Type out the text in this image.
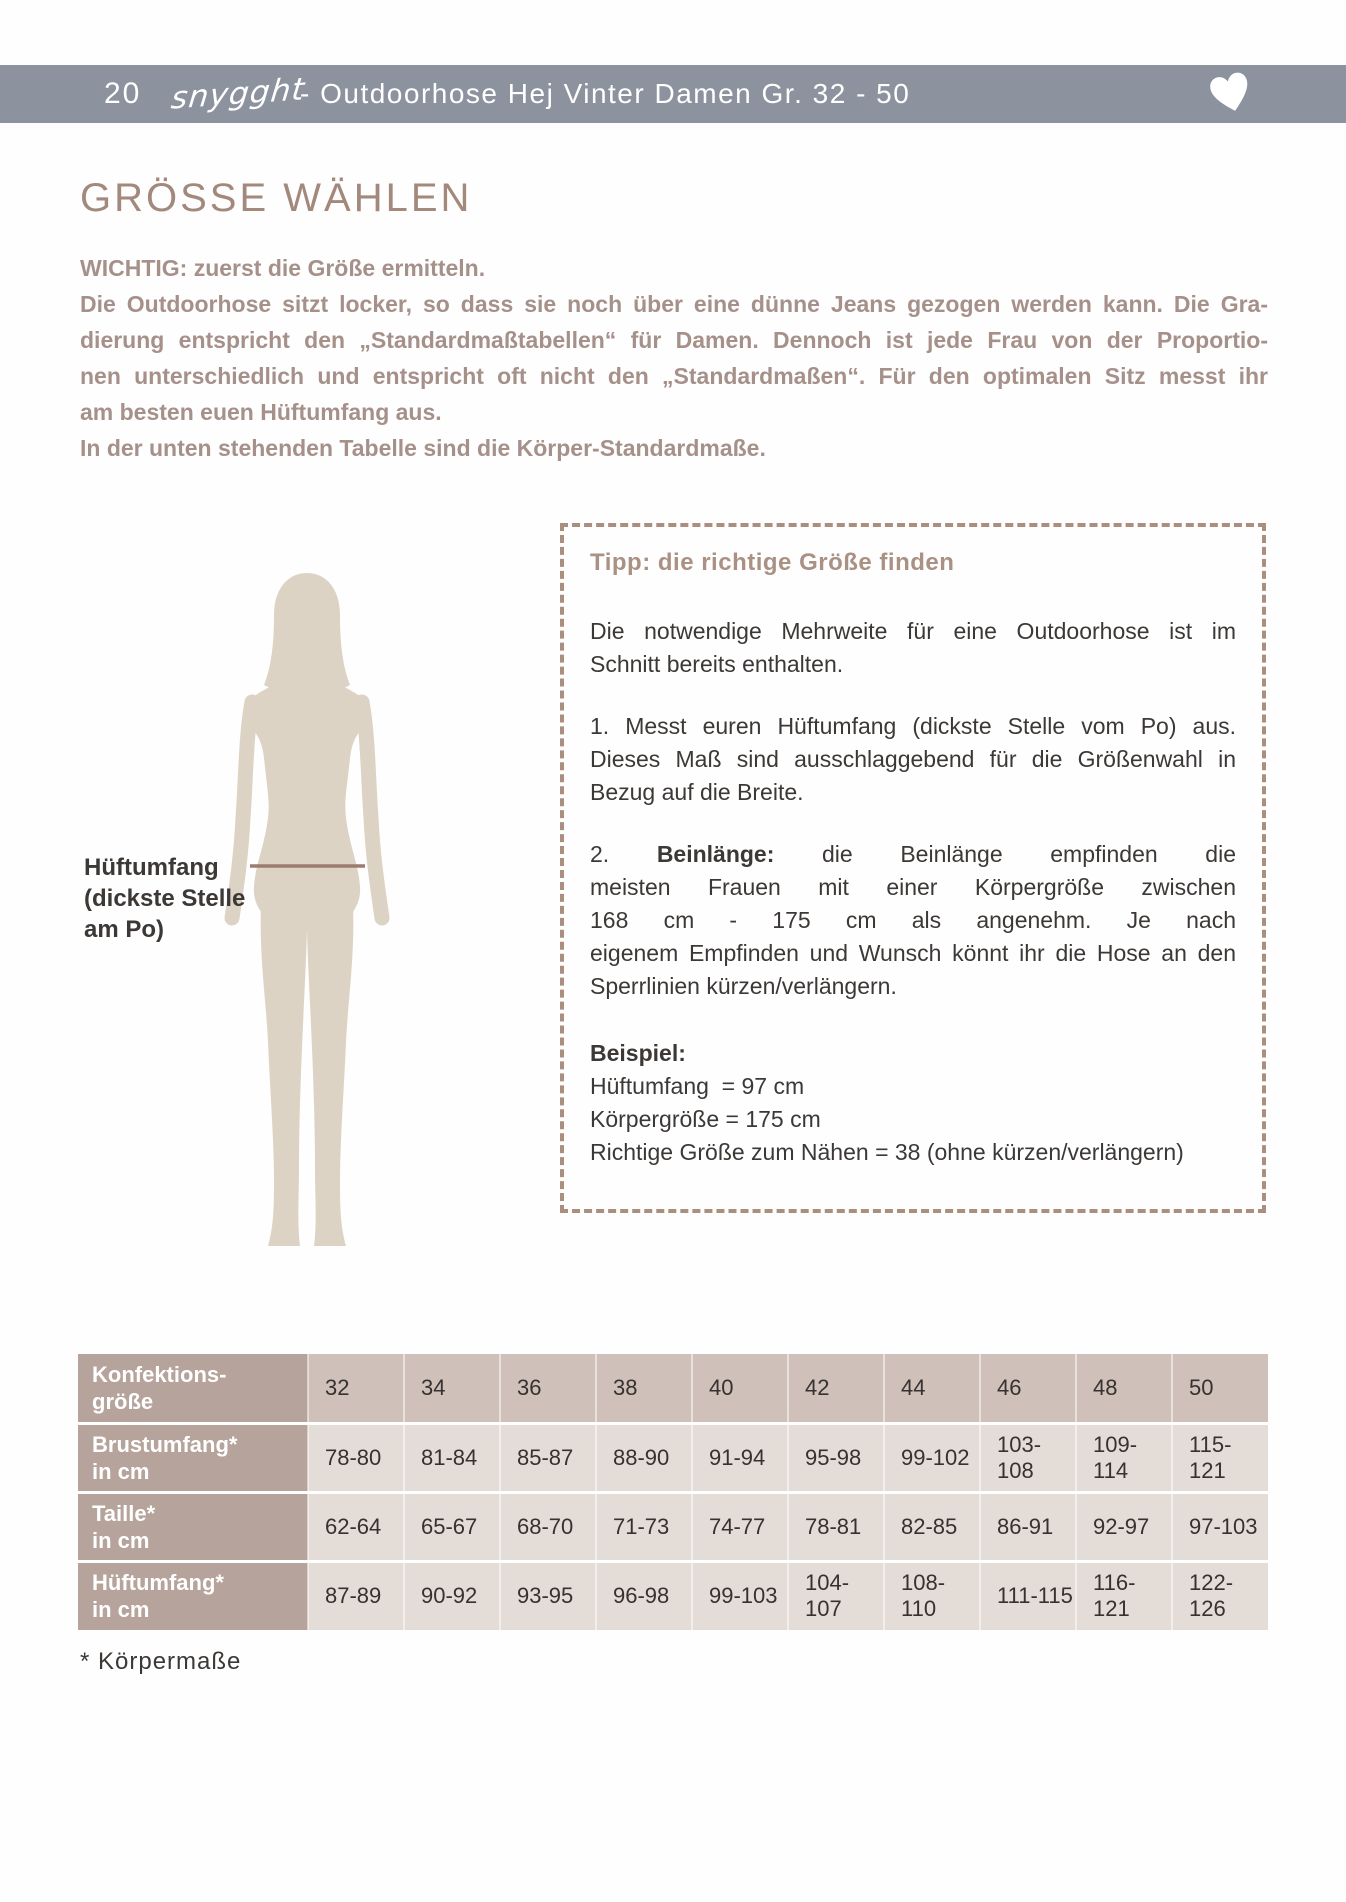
20 snygght
- Outdoorhose Hej Vinter Damen Gr. 32 - 50
GRÖSSE WÄHLEN
WICHTIG: zuerst die Größe ermitteln.
Die Outdoorhose sitzt locker, so dass sie noch über eine dünne Jeans gezogen werden kann. Die Gra-
dierung entspricht den „Standardmaßtabellen“ für Damen. Dennoch ist jede Frau von der Proportio-
nen unterschiedlich und entspricht oft nicht den „Standardmaßen“. Für den optimalen Sitz messt ihr
am besten euen Hüftumfang aus.
In der unten stehenden Tabelle sind die Körper-Standardmaße.
Hüftumfang
(dickste Stelle
am Po)
Tipp: die richtige Größe finden

Die notwendige Mehrweite für eine Outdoorhose ist im
Schnitt bereits enthalten.

1. Messt euren Hüftumfang (dickste Stelle vom Po) aus.
Dieses Maß sind ausschlaggebend für die Größenwahl in
Bezug auf die Breite.

2. Beinlänge: die Beinlänge empfinden die
meisten Frauen mit einer Körpergröße zwischen
168 cm - 175 cm als angenehm. Je nach
eigenem Empfinden und Wunsch könnt ihr die Hose an den
Sperrlinien kürzen/verlängern.

Beispiel:
Hüftumfang  = 97 cm
Körpergröße = 175 cm
Richtige Größe zum Nähen = 38 (ohne kürzen/verlängern)

Konfektions-
größe	32	34	36	38	40	42	44	46	48	50

Brustumfang*
in cm	78-80	81-84	85-87	88-90	91-94	95-98	99-102	103-108	109-114	115-121

Taille*
in cm	62-64	65-67	68-70	71-73	74-77	78-81	82-85	86-91	92-97	97-103

Hüftumfang*
in cm	87-89	90-92	93-95	96-98	99-103	104-107	108-110	111-115	116-121	122-126
* Körpermaße
